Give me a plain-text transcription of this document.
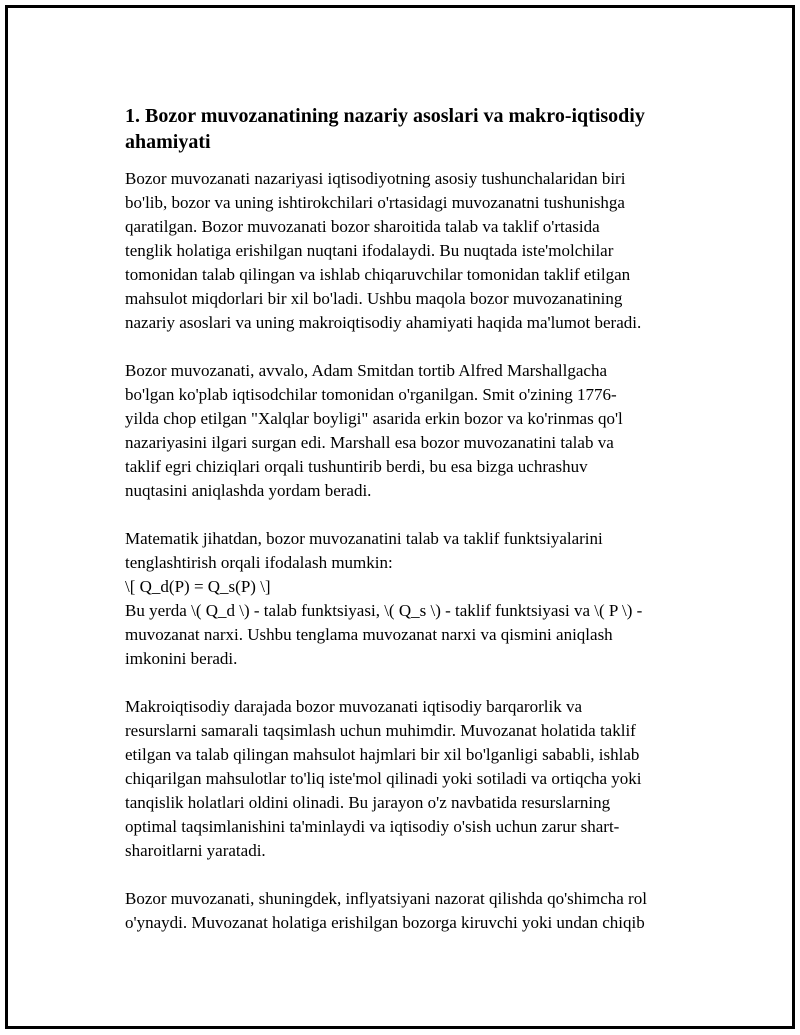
1. Bozor muvozanatining nazariy asoslari va makro-iqtisodiy
ahamiyati

Bozor muvozanati nazariyasi iqtisodiyotning asosiy tushunchalaridan biri
bo'lib, bozor va uning ishtirokchilari o'rtasidagi muvozanatni tushunishga
qaratilgan. Bozor muvozanati bozor sharoitida talab va taklif o'rtasida
tenglik holatiga erishilgan nuqtani ifodalaydi. Bu nuqtada iste'molchilar
tomonidan talab qilingan va ishlab chiqaruvchilar tomonidan taklif etilgan
mahsulot miqdorlari bir xil bo'ladi. Ushbu maqola bozor muvozanatining
nazariy asoslari va uning makroiqtisodiy ahamiyati haqida ma'lumot beradi.

Bozor muvozanati, avvalo, Adam Smitdan tortib Alfred Marshallgacha
bo'lgan ko'plab iqtisodchilar tomonidan o'rganilgan. Smit o'zining 1776-
yilda chop etilgan "Xalqlar boyligi" asarida erkin bozor va ko'rinmas qo'l
nazariyasini ilgari surgan edi. Marshall esa bozor muvozanatini talab va
taklif egri chiziqlari orqali tushuntirib berdi, bu esa bizga uchrashuv
nuqtasini aniqlashda yordam beradi.

Matematik jihatdan, bozor muvozanatini talab va taklif funktsiyalarini
tenglashtirish orqali ifodalash mumkin:
\[ Q_d(P) = Q_s(P) \]
Bu yerda \( Q_d \) - talab funktsiyasi, \( Q_s \) - taklif funktsiyasi va \( P \) -
muvozanat narxi. Ushbu tenglama muvozanat narxi va qismini aniqlash
imkonini beradi.

Makroiqtisodiy darajada bozor muvozanati iqtisodiy barqarorlik va
resurslarni samarali taqsimlash uchun muhimdir. Muvozanat holatida taklif
etilgan va talab qilingan mahsulot hajmlari bir xil bo'lganligi sababli, ishlab
chiqarilgan mahsulotlar to'liq iste'mol qilinadi yoki sotiladi va ortiqcha yoki
tanqislik holatlari oldini olinadi. Bu jarayon o'z navbatida resurslarning
optimal taqsimlanishini ta'minlaydi va iqtisodiy o'sish uchun zarur shart-
sharoitlarni yaratadi.

Bozor muvozanati, shuningdek, inflyatsiyani nazorat qilishda qo'shimcha rol
o'ynaydi. Muvozanat holatiga erishilgan bozorga kiruvchi yoki undan chiqib
